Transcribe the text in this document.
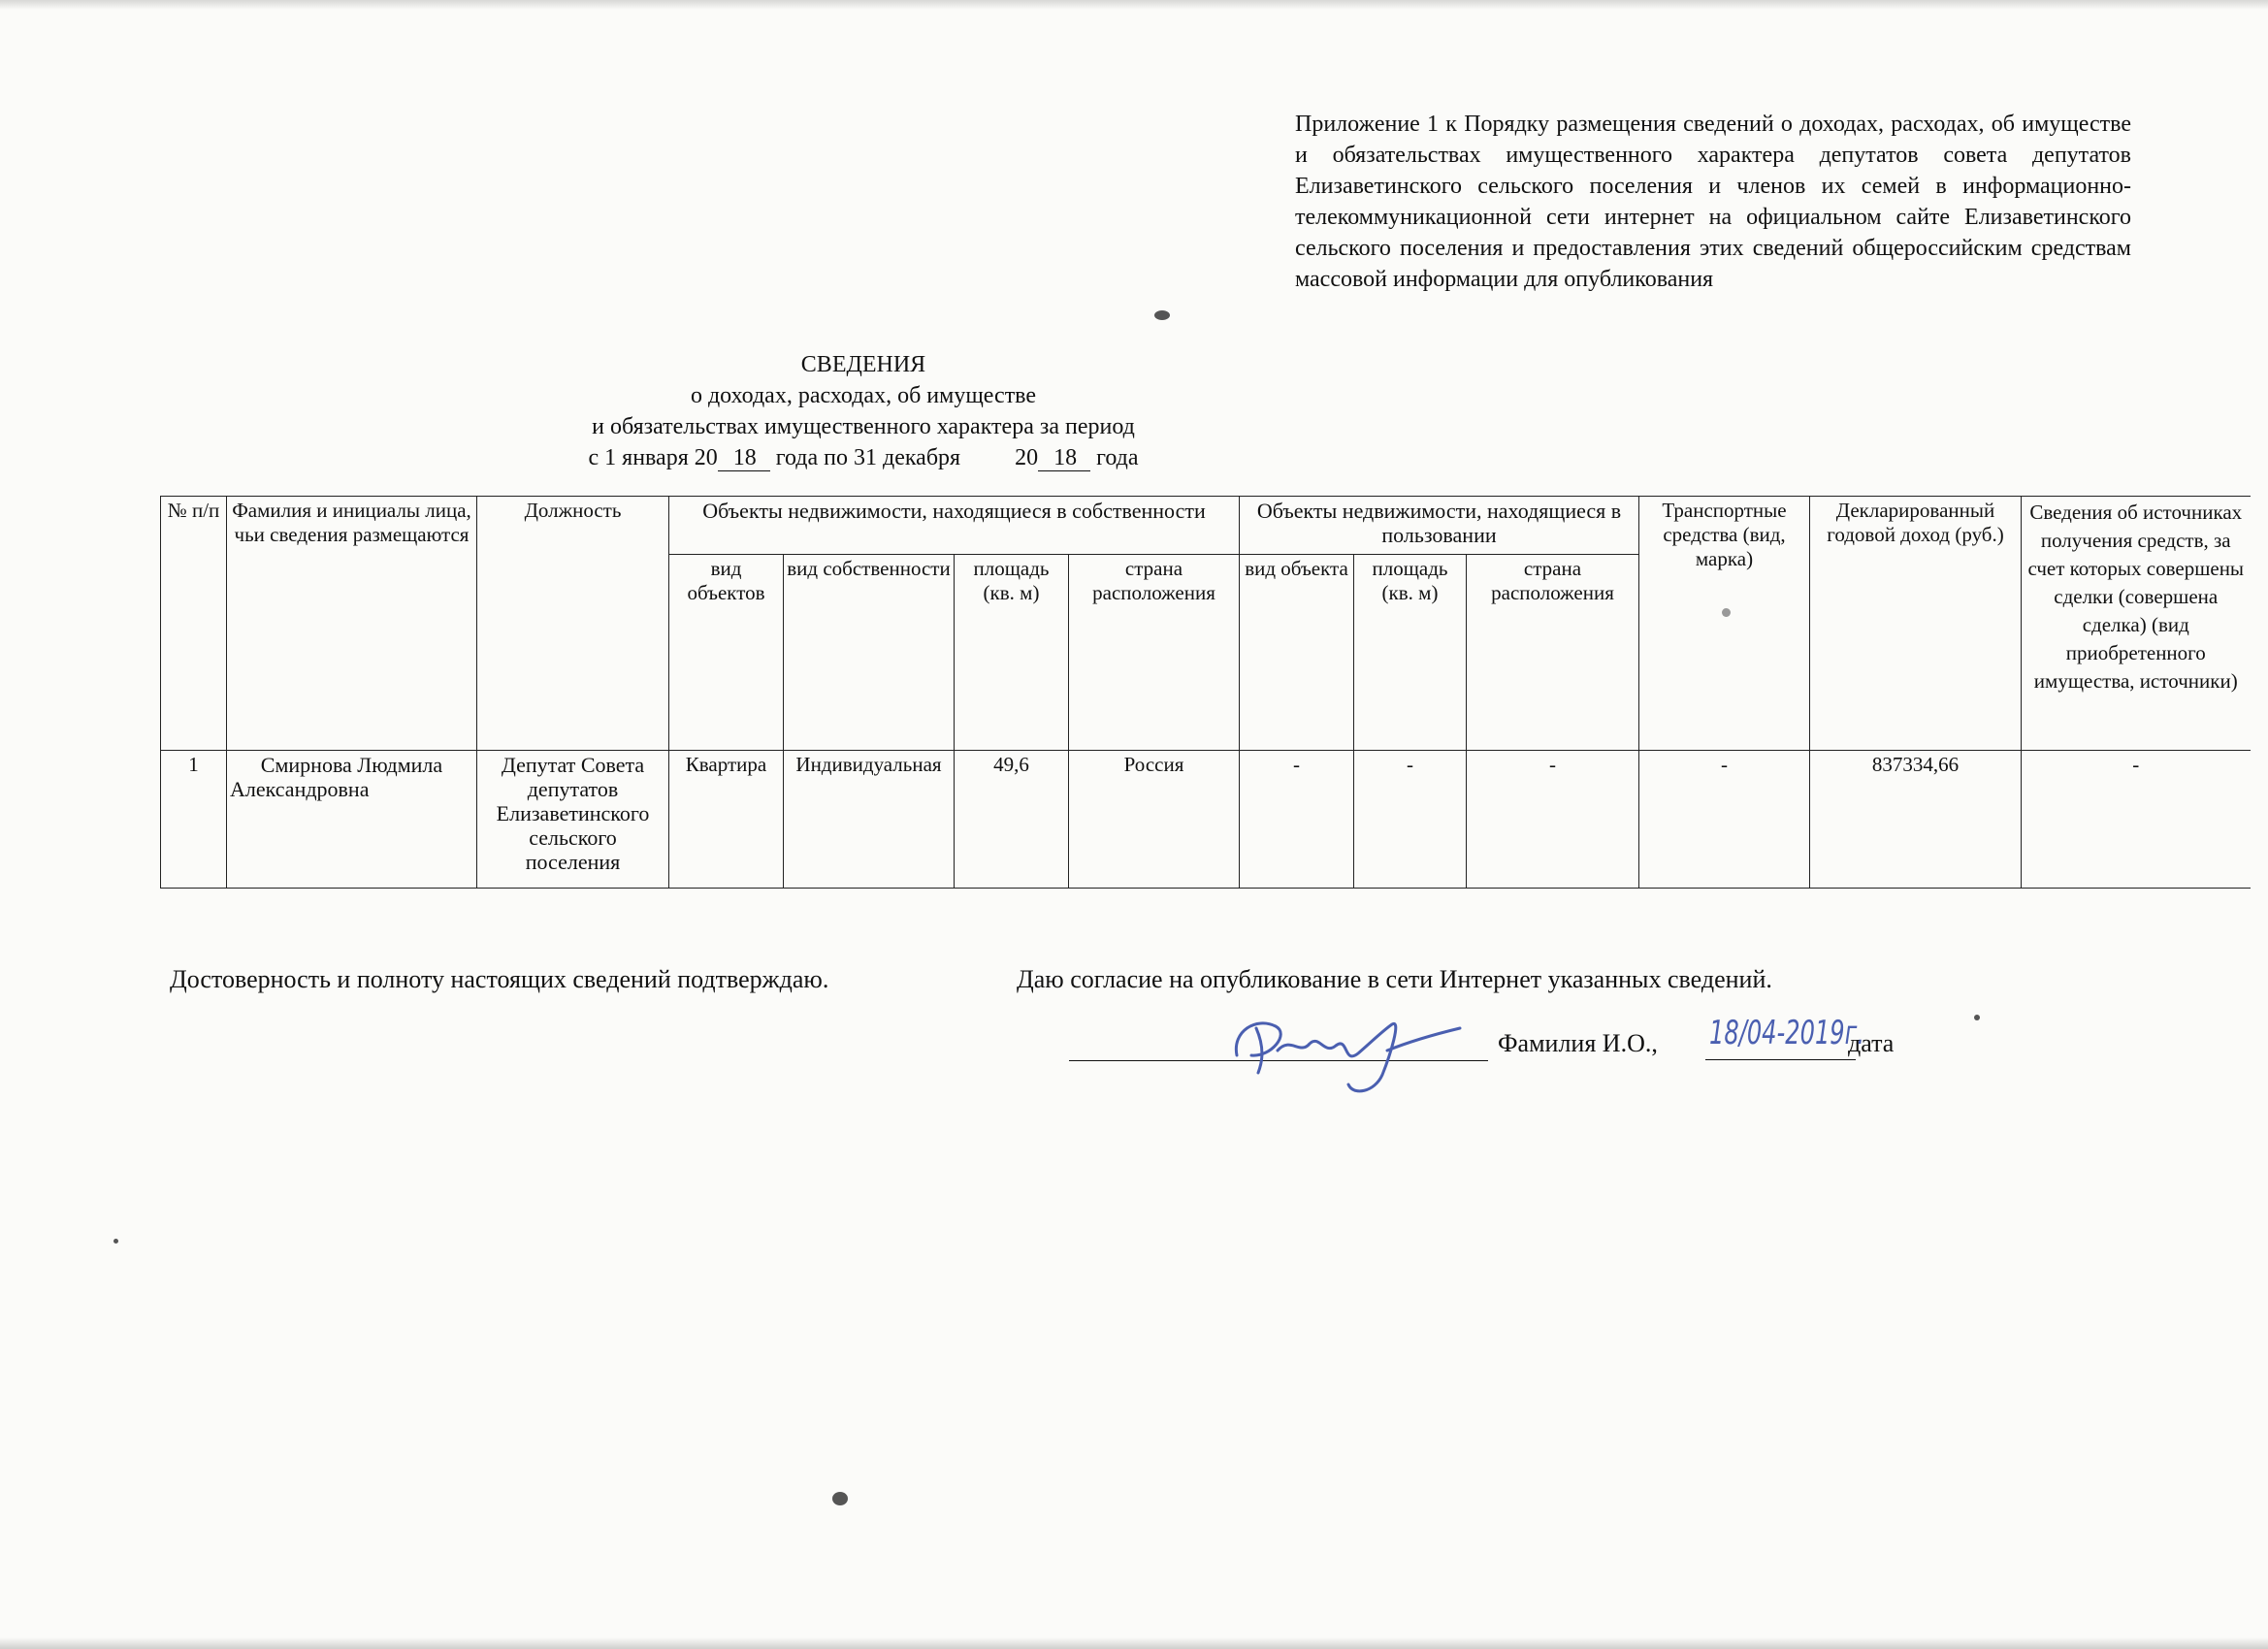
Приложение 1 к Порядку размещения сведений о доходах, расходах, об имуществе и обязательствах имущественного характера депутатов совета депутатов Елизаветинского сельского поселения и членов их семей в информационно-телекоммуникационной сети интернет на официальном сайте Елизаветинского сельского поселения и предоставления этих сведений общероссийским средствам массовой информации для опубликования
СВЕДЕНИЯ
о доходах, расходах, об имуществе
и обязательствах имущественного характера за период
с 1 января 20  18 года по 31 декабря 20  18 года
№ п/п	Фамилия и инициалы лица, чьи сведения размещаются	Должность	Объекты недвижимости, находящиеся в собственности				Объекты недвижимости, находящиеся в пользовании			Транспортные средства (вид, марка)	Декларированный годовой доход (руб.)	Сведения об источниках получения средств, за счет которых совершены сделки (совершена сделка) (вид приобретенного имущества, источники)
			вид объектов	вид собственности	площадь (кв. м)	страна расположения	вид объекта	площадь (кв. м)	страна расположения			
1	Смирнова Людмила Александровна	Депутат Совета депутатов Елизаветинского сельского поселения	Квартира	Индивидуальная	49,6	Россия	-	-	-	-	837334,66	-
Достоверность и полноту настоящих сведений подтверждаю.	Даю согласие на опубликование в сети Интернет указанных сведений.
Фамилия И.О., 18/04-2019г.
дата
